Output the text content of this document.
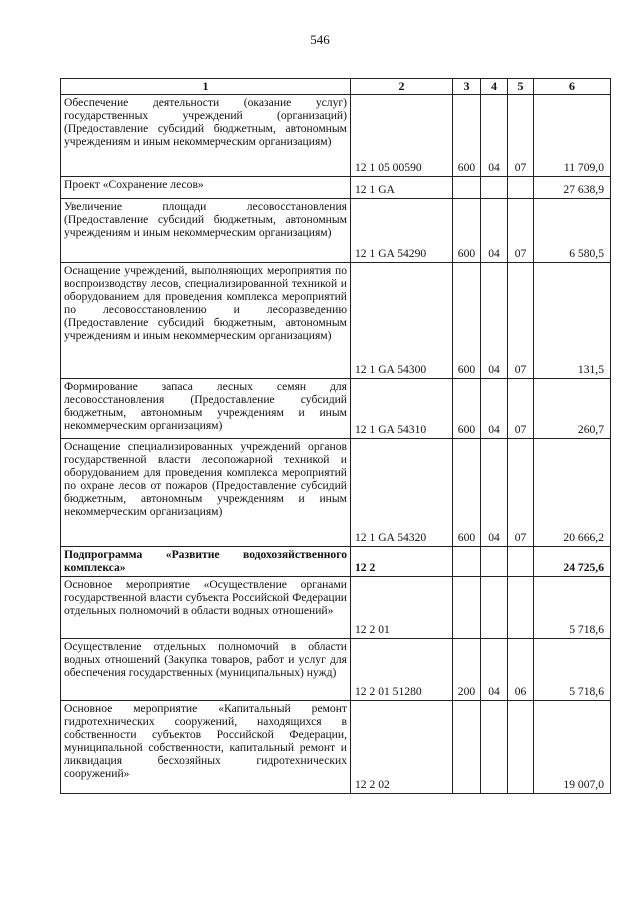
546
1	2	3	4	5	6
Обеспечение деятельности (оказание услуг) государственных учреждений (организаций) (Предоставление субсидий бюджетным, автономным учреждениям и иным некоммерческим организациям)	12 1 05 00590	600	04	07	11 709,0
Проект «Сохранение лесов»	12 1 GA				27 638,9
Увеличение площади лесовосстановления (Предоставление субсидий бюджетным, автономным учреждениям и иным некоммерческим организациям)	12 1 GA 54290	600	04	07	6 580,5
Оснащение учреждений, выполняющих мероприятия по воспроизводству лесов, специализированной техникой и оборудованием для проведения комплекса мероприятий по лесовосстановлению и лесоразведению (Предоставление субсидий бюджетным, автономным учреждениям и иным некоммерческим организациям)	12 1 GA 54300	600	04	07	131,5
Формирование запаса лесных семян для лесовосстановления (Предоставление субсидий бюджетным, автономным учреждениям и иным некоммерческим организациям)	12 1 GA 54310	600	04	07	260,7
Оснащение специализированных учреждений органов государственной власти лесопожарной техникой и оборудованием для проведения комплекса мероприятий по охране лесов от пожаров (Предоставление субсидий бюджетным, автономным учреждениям и иным некоммерческим организациям)	12 1 GA 54320	600	04	07	20 666,2
Подпрограмма «Развитие водохозяйственного комплекса»	12 2				24 725,6
Основное мероприятие «Осуществление органами государственной власти субъекта Российской Федерации отдельных полномочий в области водных отношений»	12 2 01				5 718,6
Осуществление отдельных полномочий в области водных отношений (Закупка товаров, работ и услуг для обеспечения государственных (муниципальных) нужд)	12 2 01 51280	200	04	06	5 718,6
Основное мероприятие «Капитальный ремонт гидротехнических сооружений, находящихся в собственности субъектов Российской Федерации, муниципальной собственности, капитальный ремонт и ликвидация бесхозяйных гидротехнических сооружений»	12 2 02				19 007,0
